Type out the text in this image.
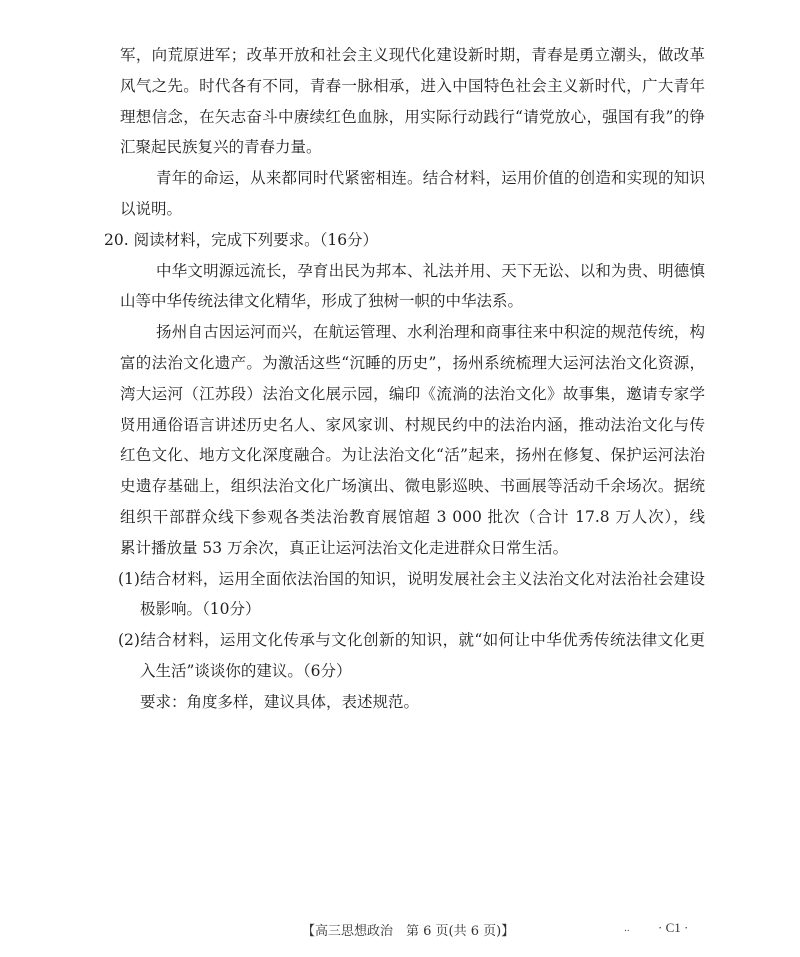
军，向荒原进军；改革开放和社会主义现代化建设新时期，青春是勇立潮头，做改革
风气之先。时代各有不同，青春一脉相承，进入中国特色社会主义新时代，广大青年
理想信念，在矢志奋斗中赓续红色血脉，用实际行动践行“请党放心，强国有我”的铮
汇聚起民族复兴的青春力量。
青年的命运，从来都同时代紧密相连。结合材料，运用价值的创造和实现的知识
以说明。
20. 阅读材料，完成下列要求。（16分）
中华文明源远流长，孕育出民为邦本、礼法并用、天下无讼、以和为贵、明德慎
山等中华传统法律文化精华，形成了独树一帜的中华法系。
扬州自古因运河而兴，在航运管理、水利治理和商事往来中积淀的规范传统，构
富的法治文化遗产。为激活这些“沉睡的历史”，扬州系统梳理大运河法治文化资源，
湾大运河（江苏段）法治文化展示园，编印《流淌的法治文化》故事集，邀请专家学
贤用通俗语言讲述历史名人、家风家训、村规民约中的法治内涵，推动法治文化与传
红色文化、地方文化深度融合。为让法治文化“活”起来，扬州在修复、保护运河法治
史遗存基础上，组织法治文化广场演出、微电影巡映、书画展等活动千余场次。据统
组织干部群众线下参观各类法治教育展馆超 3 000 批次（合计 17.8 万人次），线
累计播放量 53 万余次，真正让运河法治文化走进群众日常生活。
(1)结合材料，运用全面依法治国的知识，说明发展社会主义法治文化对法治社会建设
极影响。（10分）
(2)结合材料，运用文化传承与文化创新的知识，就“如何让中华优秀传统法律文化更
入生活”谈谈你的建议。（6分）
要求：角度多样，建议具体，表述规范。
【高三思想政治　第 6 页(共 6 页)】	.. · C1 ·
